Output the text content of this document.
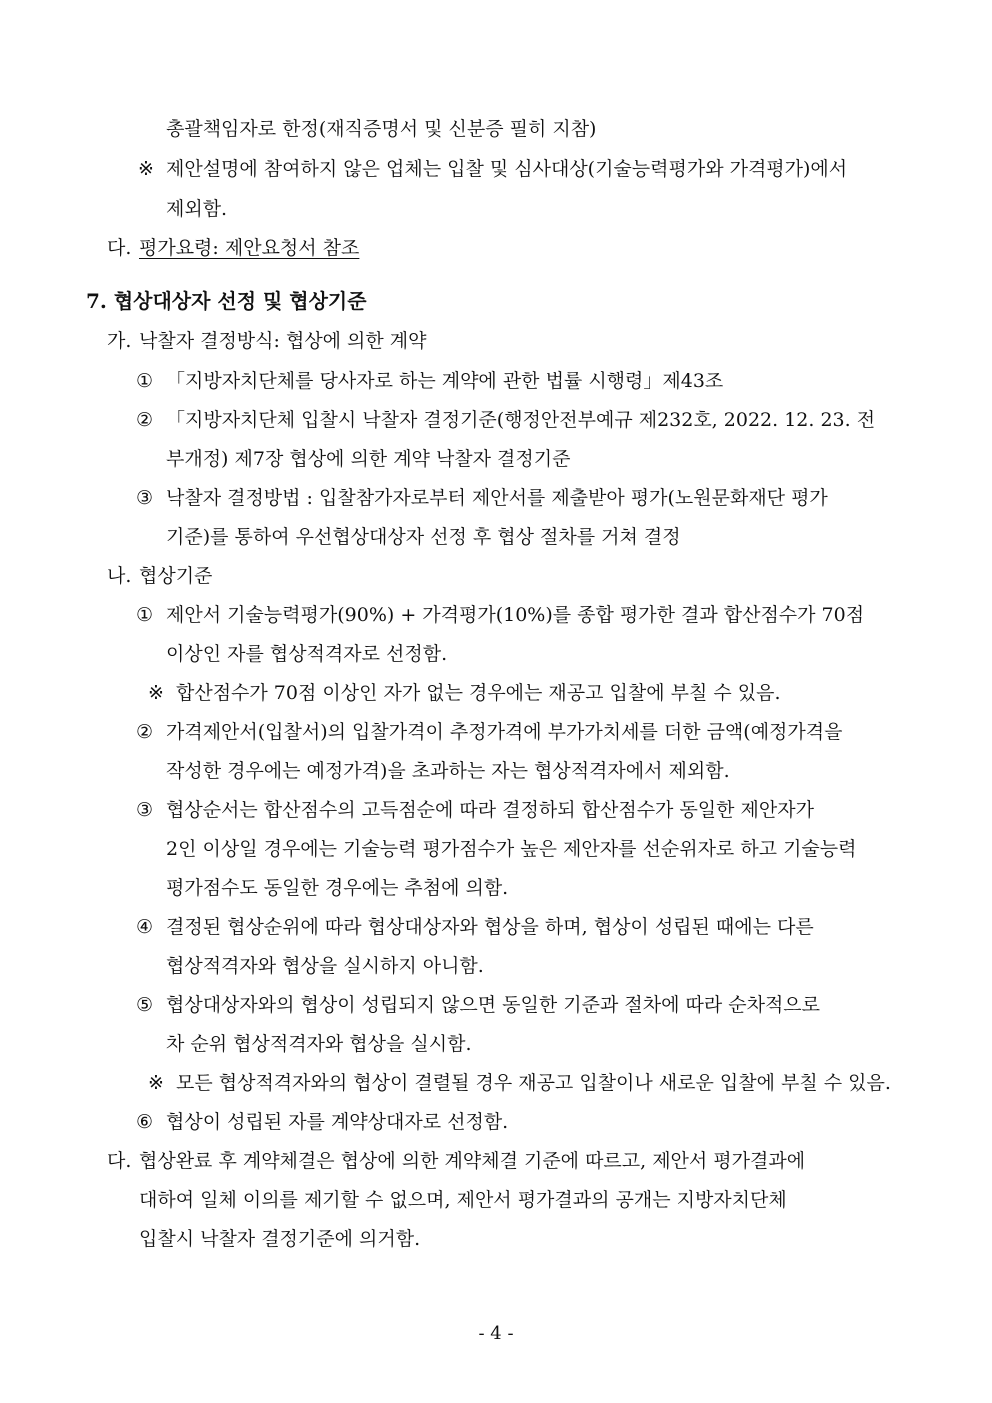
총괄책임자로 한정(재직증명서 및 신분증 필히 지참)
※ 제안설명에 참여하지 않은 업체는 입찰 및 심사대상(기술능력평가와 가격평가)에서
제외함.
다. 평가요령: 제안요청서 참조
7. 협상대상자 선정 및 협상기준
가. 낙찰자 결정방식: 협상에 의한 계약
① 「지방자치단체를 당사자로 하는 계약에 관한 법률 시행령」제43조
② 「지방자치단체 입찰시 낙찰자 결정기준(행정안전부예규 제232호, 2022. 12. 23. 전
부개정) 제7장 협상에 의한 계약 낙찰자 결정기준
③ 낙찰자 결정방법 : 입찰참가자로부터 제안서를 제출받아 평가(노원문화재단 평가
기준)를 통하여 우선협상대상자 선정 후 협상 절차를 거쳐 결정
나. 협상기준
① 제안서 기술능력평가(90%) + 가격평가(10%)를 종합 평가한 결과 합산점수가 70점
이상인 자를 협상적격자로 선정함.
※ 합산점수가 70점 이상인 자가 없는 경우에는 재공고 입찰에 부칠 수 있음.
② 가격제안서(입찰서)의 입찰가격이 추정가격에 부가가치세를 더한 금액(예정가격을
작성한 경우에는 예정가격)을 초과하는 자는 협상적격자에서 제외함.
③ 협상순서는 합산점수의 고득점순에 따라 결정하되 합산점수가 동일한 제안자가
2인 이상일 경우에는 기술능력 평가점수가 높은 제안자를 선순위자로 하고 기술능력
평가점수도 동일한 경우에는 추첨에 의함.
④ 결정된 협상순위에 따라 협상대상자와 협상을 하며, 협상이 성립된 때에는 다른
협상적격자와 협상을 실시하지 아니함.
⑤ 협상대상자와의 협상이 성립되지 않으면 동일한 기준과 절차에 따라 순차적으로
차 순위 협상적격자와 협상을 실시함.
※ 모든 협상적격자와의 협상이 결렬될 경우 재공고 입찰이나 새로운 입찰에 부칠 수 있음.
⑥ 협상이 성립된 자를 계약상대자로 선정함.
다. 협상완료 후 계약체결은 협상에 의한 계약체결 기준에 따르고, 제안서 평가결과에
대하여 일체 이의를 제기할 수 없으며, 제안서 평가결과의 공개는 지방자치단체
입찰시 낙찰자 결정기준에 의거함.
- 4 -
